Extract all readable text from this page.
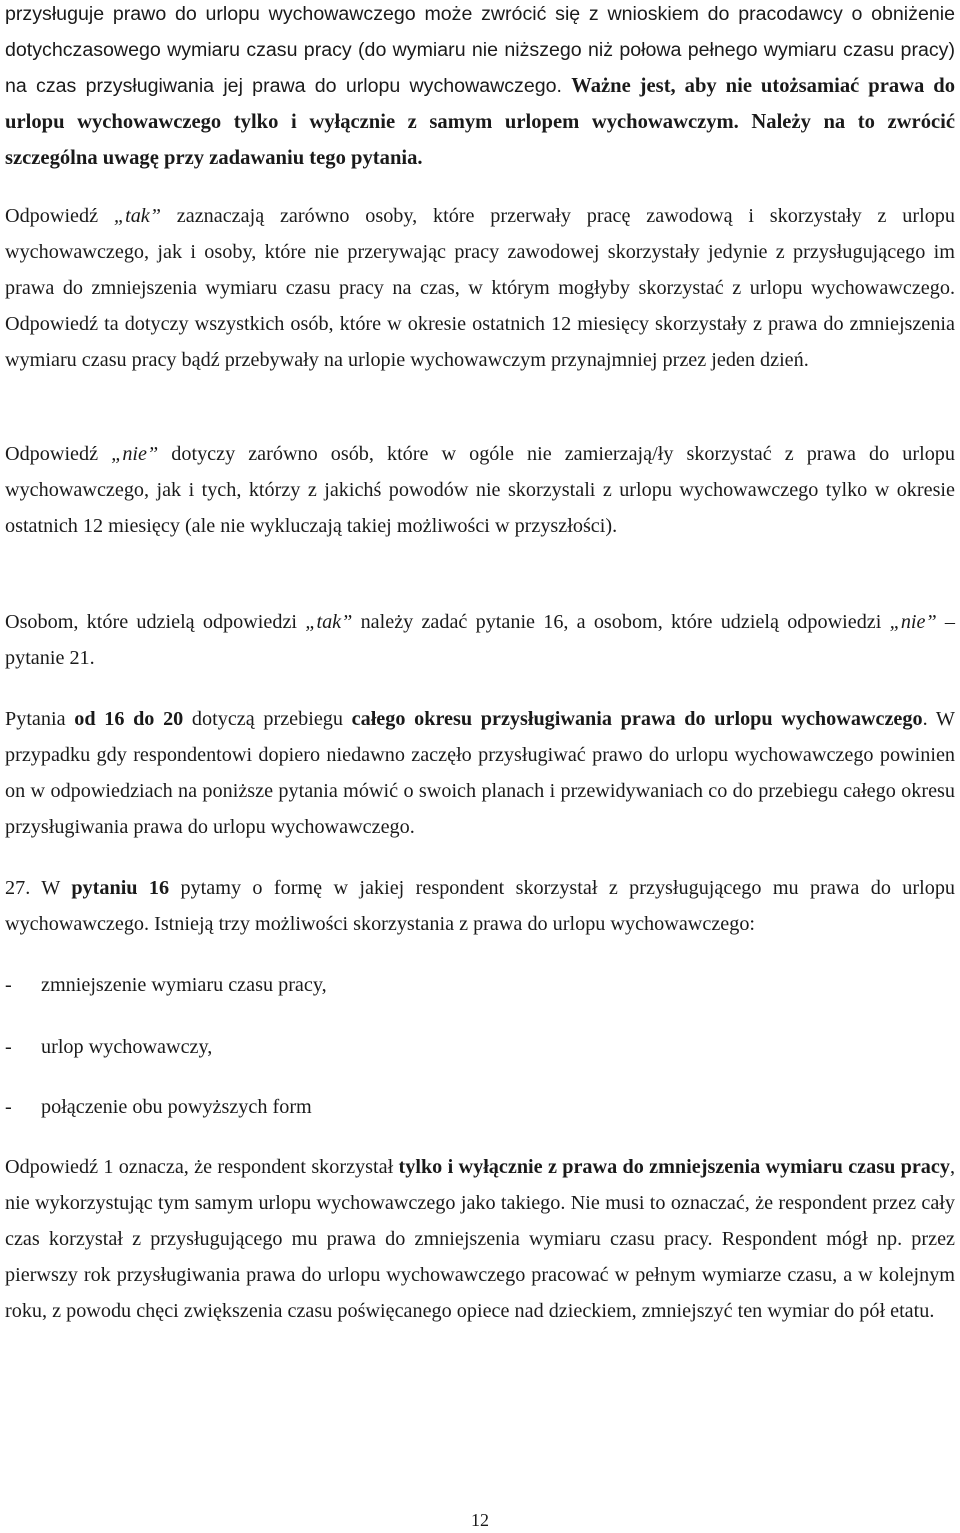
przysługuje prawo do urlopu wychowawczego może zwrócić się z wnioskiem do pracodawcy o obniżenie dotychczasowego wymiaru czasu pracy (do wymiaru nie niższego niż połowa pełnego wymiaru czasu pracy) na czas przysługiwania jej prawa do urlopu wychowawczego. Ważne jest, aby nie utożsamiać prawa do urlopu wychowawczego tylko i wyłącznie z samym urlopem wychowawczym. Należy na to zwrócić szczególna uwagę przy zadawaniu tego pytania.

Odpowiedź „tak” zaznaczają zarówno osoby, które przerwały pracę zawodową i skorzystały z urlopu wychowawczego, jak i osoby, które nie przerywając pracy zawodowej skorzystały jedynie z przysługującego im prawa do zmniejszenia wymiaru czasu pracy na czas, w którym mogłyby skorzystać z urlopu wychowawczego. Odpowiedź ta dotyczy wszystkich osób, które w okresie ostatnich 12 miesięcy skorzystały z prawa do zmniejszenia wymiaru czasu pracy bądź przebywały na urlopie wychowawczym przynajmniej przez jeden dzień.

Odpowiedź „nie” dotyczy zarówno osób, które w ogóle nie zamierzają/ły skorzystać z prawa do urlopu wychowawczego, jak i tych, którzy z jakichś powodów nie skorzystali z urlopu wychowawczego tylko w okresie ostatnich 12 miesięcy (ale nie wykluczają takiej możliwości w przyszłości).

Osobom, które udzielą odpowiedzi „tak” należy zadać pytanie 16, a osobom, które udzielą odpowiedzi „nie” – pytanie 21.

Pytania od 16 do 20 dotyczą przebiegu całego okresu przysługiwania prawa do urlopu wychowawczego. W przypadku gdy respondentowi dopiero niedawno zaczęło przysługiwać prawo do urlopu wychowawczego powinien on w odpowiedziach na poniższe pytania mówić o swoich planach i przewidywaniach co do przebiegu całego okresu przysługiwania prawa do urlopu wychowawczego.

27. W pytaniu 16 pytamy o formę w jakiej respondent skorzystał z przysługującego mu prawa do urlopu wychowawczego. Istnieją trzy możliwości skorzystania z prawa do urlopu wychowawczego:

- zmniejszenie wymiaru czasu pracy,
- urlop wychowawczy,
- połączenie obu powyższych form

Odpowiedź 1 oznacza, że respondent skorzystał tylko i wyłącznie z prawa do zmniejszenia wymiaru czasu pracy, nie wykorzystując tym samym urlopu wychowawczego jako takiego. Nie musi to oznaczać, że respondent przez cały czas korzystał z przysługującego mu prawa do zmniejszenia wymiaru czasu pracy. Respondent mógł np. przez pierwszy rok przysługiwania prawa do urlopu wychowawczego pracować w pełnym wymiarze czasu, a w kolejnym roku, z powodu chęci zwiększenia czasu poświęcanego opiece nad dzieckiem, zmniejszyć ten wymiar do pół etatu.

12
